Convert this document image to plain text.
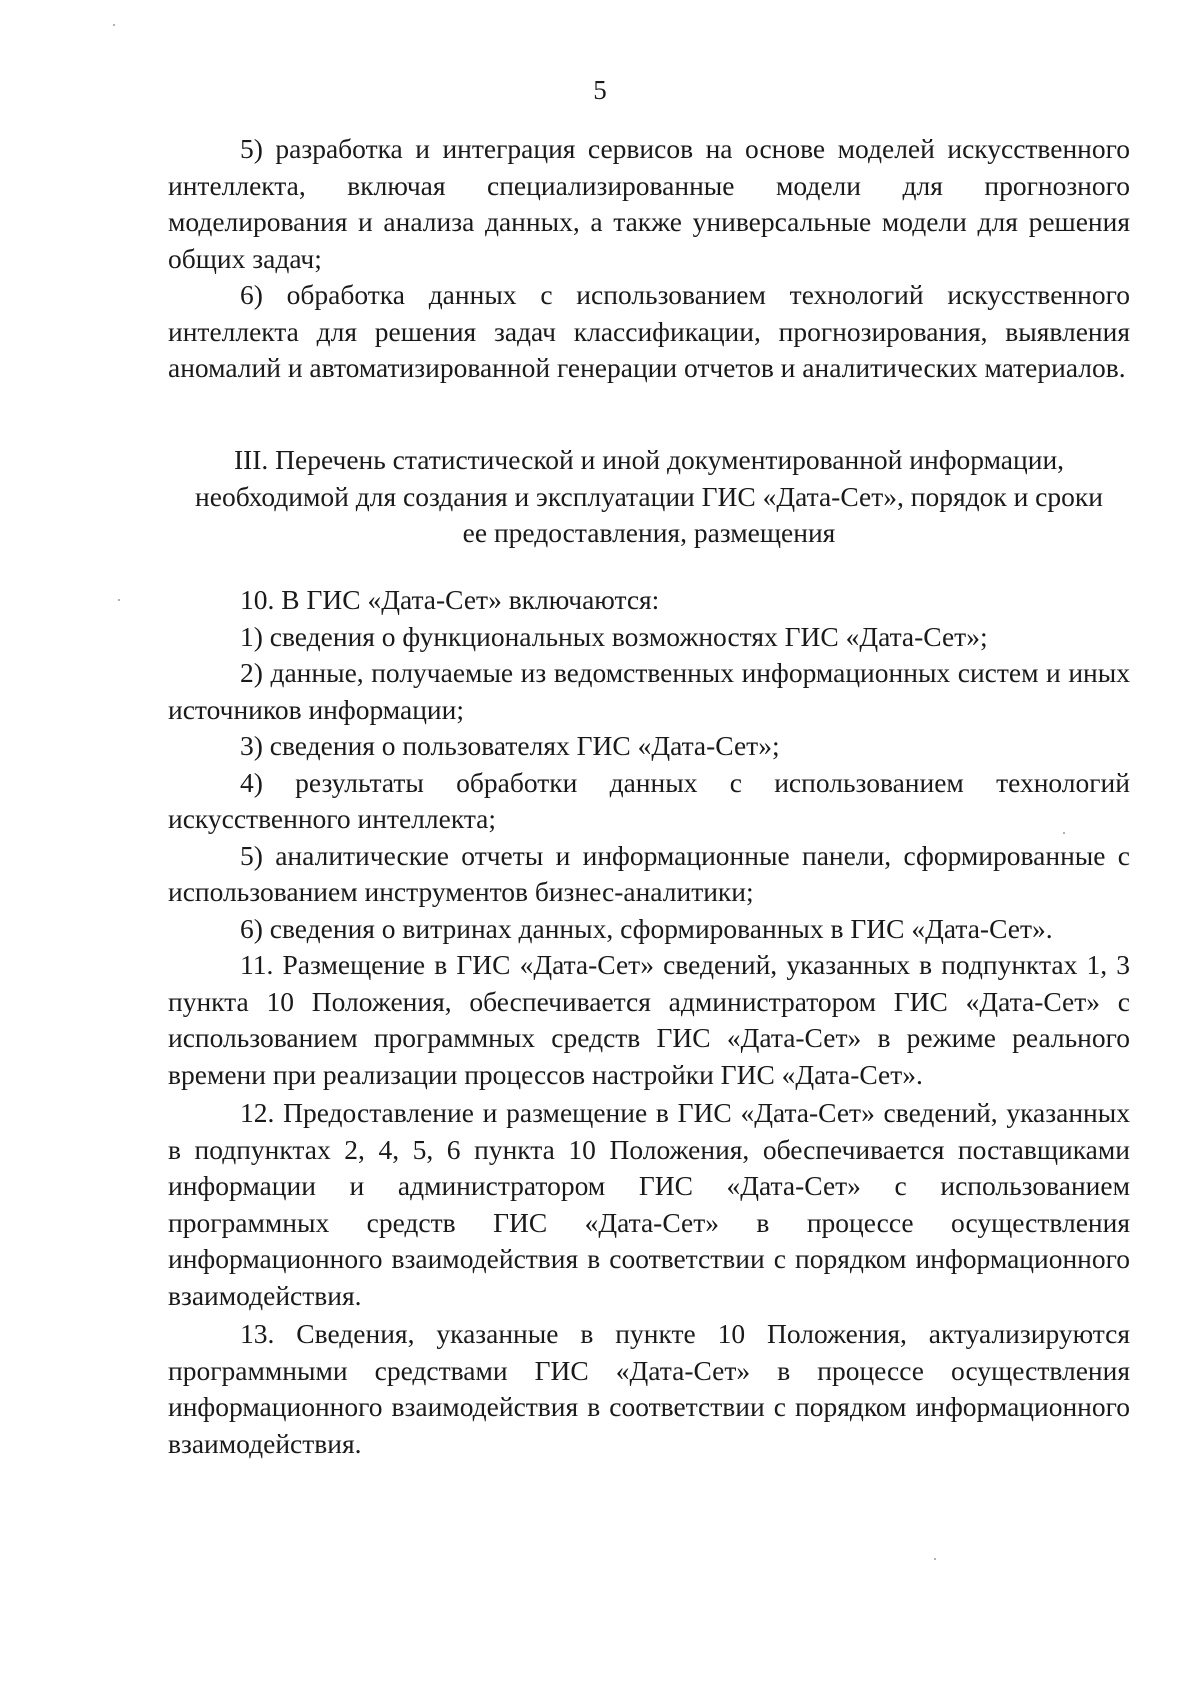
5

5) разработка и интеграция сервисов на основе моделей искусственного интеллекта, включая специализированные модели для прогнозного моделирования и анализа данных, а также универсальные модели для решения общих задач;

6) обработка данных с использованием технологий искусственного интеллекта для решения задач классификации, прогнозирования, выявления аномалий и автоматизированной генерации отчетов и аналитических материалов.

III. Перечень статистической и иной документированной информации,

необходимой для создания и эксплуатации ГИС «Дата-Сет», порядок и сроки

ее предоставления, размещения

10. В ГИС «Дата-Сет» включаются:

1) сведения о функциональных возможностях ГИС «Дата-Сет»;

2) данные, получаемые из ведомственных информационных систем и иных источников информации;

3) сведения о пользователях ГИС «Дата-Сет»;

4) результаты обработки данных с использованием технологий искусственного интеллекта;

5) аналитические отчеты и информационные панели, сформированные с использованием инструментов бизнес-аналитики;

6) сведения о витринах данных, сформированных в ГИС «Дата-Сет».

11. Размещение в ГИС «Дата-Сет» сведений, указанных в подпунктах 1, 3 пункта 10 Положения, обеспечивается администратором ГИС «Дата-Сет» с использованием программных средств ГИС «Дата-Сет» в режиме реального времени при реализации процессов настройки ГИС «Дата-Сет».

12. Предоставление и размещение в ГИС «Дата-Сет» сведений, указанных в подпунктах 2, 4, 5, 6 пункта 10 Положения, обеспечивается поставщиками информации и администратором ГИС «Дата-Сет» с использованием программных средств ГИС «Дата-Сет» в процессе осуществления информационного взаимодействия в соответствии с порядком информационного взаимодействия.

13. Сведения, указанные в пункте 10 Положения, актуализируются программными средствами ГИС «Дата-Сет» в процессе осуществления информационного взаимодействия в соответствии с порядком информационного взаимодействия.
